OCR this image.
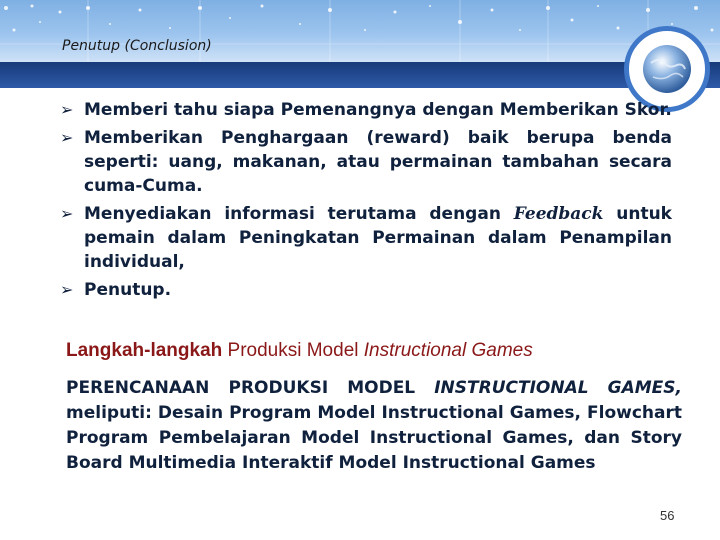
Penutup (Conclusion)
➢ Memberi tahu siapa Pemenangnya dengan Memberikan Skor.
➢ Memberikan Penghargaan (reward) baik berupa benda seperti: uang, makanan, atau permainan tambahan secara cuma-Cuma.
➢ Menyediakan informasi terutama dengan Feedback untuk pemain dalam Peningkatan Permainan dalam Penampilan individual,
➢ Penutup.
Langkah-langkah Produksi Model Instructional Games
PERENCANAAN PRODUKSI MODEL INSTRUCTIONAL GAMES, meliputi: Desain Program Model Instructional Games, Flowchart Program Pembelajaran Model Instructional Games, dan Story Board Multimedia Interaktif Model Instructional Games
56
